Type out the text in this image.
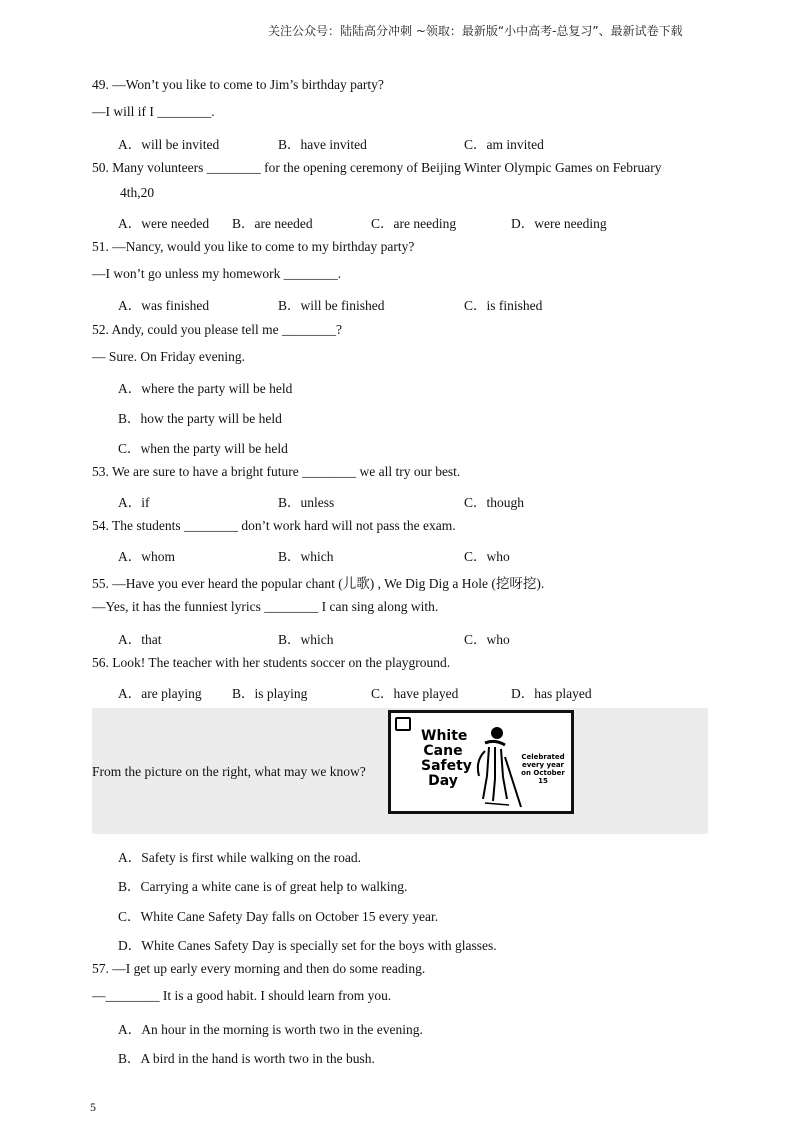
关注公众号：陆陆高分冲刺 ~领取：最新版“小中高考-总复习”、最新试卷下载
49. —Won’t you like to come to Jim’s birthday party?
—I will if I ________.
A．will be invited	B．have invited	C．am invited
50. Many volunteers ________ for the opening ceremony of Beijing Winter Olympic Games on February
4th,20
A．were needed B．are needed	C．are needing	D．were needing
51. —Nancy, would you like to come to my birthday party?
—I won’t go unless my homework ________.
A．was finished	B．will be finished	C．is finished
52. Andy, could you please tell me ________?
— Sure. On Friday evening.
A．where the party will be held
B．how the party will be held
C．when the party will be held
53. We are sure to have a bright future ________ we all try our best.
A．if	B．unless	C．though
54. The students ________ don’t work hard will not pass the exam.
A．whom	B．which	C．who
55. —Have you ever heard the popular chant (儿歌) , We Dig Dig a Hole (挖呀挖).
—Yes, it has the funniest lyrics ________ I can sing along with.
A．that	B．which	C．who
56. Look! The teacher with her students soccer on the playground.
A．are playing B．is playing	C．have played	D．has played
From the picture on the right, what may we know?
White Cane Safety Day
Celebrated every year on October 15
A．Safety is first while walking on the road.
B．Carrying a white cane is of great help to walking.
C．White Cane Safety Day falls on October 15 every year.
D．White Canes Safety Day is specially set for the boys with glasses.
57. —I get up early every morning and then do some reading.
—________ It is a good habit. I should learn from you.
A．An hour in the morning is worth two in the evening.
B．A bird in the hand is worth two in the bush.
5
